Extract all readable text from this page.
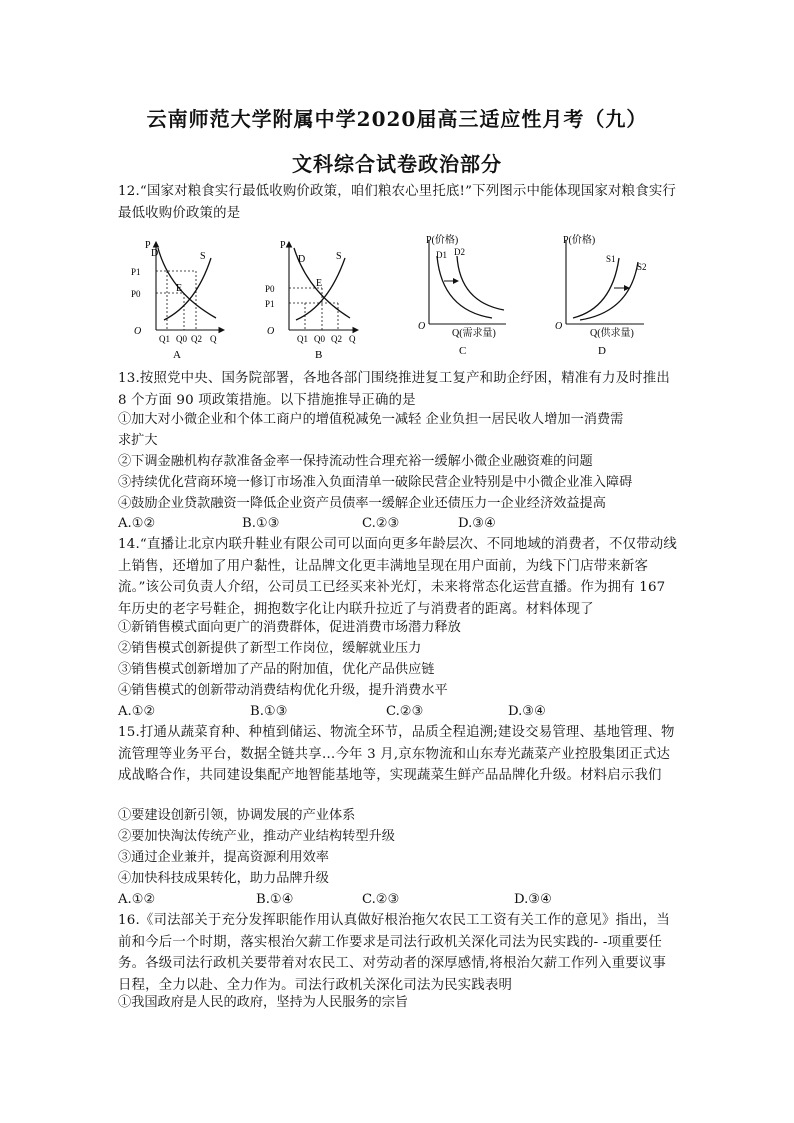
云南师范大学附属中学2020届高三适应性月考（九）
文科综合试卷政治部分
12.“国家对粮食实行最低收购价政策，咱们粮农心里托底!”下列图示中能体现国家对粮食实行最低收购价政策的是
P
D	S
E
P1
P0
O
Q1 Q0 Q2 Q
A
P
D	S
E
P0
P1
O
Q1 Q0 Q2 Q
B
P(价格)
D1 D2
O
Q(需求量)
C
P(价格)
S1
S2
O
Q(供求量)
D
13.按照党中央、国务院部署，各地各部门围绕推进复工复产和助企纾困，精准有力及时推出 8 个方面 90 项政策措施。以下措施推导正确的是
①加大对小微企业和个体工商户的增值税减免一减轻 企业负担一居民收人增加一消费需
求扩大
②下调金融机构存款准备金率一保持流动性合理充裕一缓解小微企业融资难的问题
③持续优化营商环境一修订市场准入负面清单一破除民营企业特别是中小微企业准入障碍
④鼓励企业贷款融资一降低企业资产员债率一缓解企业还债压力一企业经济效益提高
A.①②	B.①③	C.②③	D.③④
14.“直播让北京内联升鞋业有限公司可以面向更多年龄层次、不同地域的消费者，不仅带动线上销售，还增加了用户黏性，让品牌文化更丰满地呈现在用户面前，为线下门店带来新客流。”该公司负责人介绍，公司员工已经买来补光灯，未来将常态化运营直播。作为拥有 167 年历史的老字号鞋企，拥抱数字化让内联升拉近了与消费者的距离。材料体现了
①新销售模式面向更广的消费群体，促进消费市场潜力释放
②销售模式创新提供了新型工作岗位，缓解就业压力
③销售模式创新增加了产品的附加值，优化产品供应链
④销售模式的创新带动消费结构优化升级，提升消费水平
A.①②	B.①③	C.②③	D.③④
15.打通从蔬菜育种、种植到储运、物流全环节，品质全程追溯;建设交易管理、基地管理、物流管理等业务平台，数据全链共享…今年 3 月,京东物流和山东寿光蔬菜产业控股集团正式达成战略合作，共同建设集配产地智能基地等，实现蔬菜生鲜产品品牌化升级。材料启示我们
①要建设创新引领，协调发展的产业体系
②要加快淘汰传统产业，推动产业结构转型升级
③通过企业兼并，提高资源利用效率
④加快科技成果转化，助力品牌升级
A.①②	B.①④	C.②③	D.③④
16.《司法部关于充分发挥职能作用认真做好根治拖欠农民工工资有关工作的意见》指出，当前和今后一个时期，落实根治欠薪工作要求是司法行政机关深化司法为民实践的- -项重要任务。各级司法行政机关要带着对农民工、对劳动者的深厚感情,将根治欠薪工作列入重要议事日程，全力以赴、全力作为。司法行政机关深化司法为民实践表明
①我国政府是人民的政府，坚持为人民服务的宗旨
